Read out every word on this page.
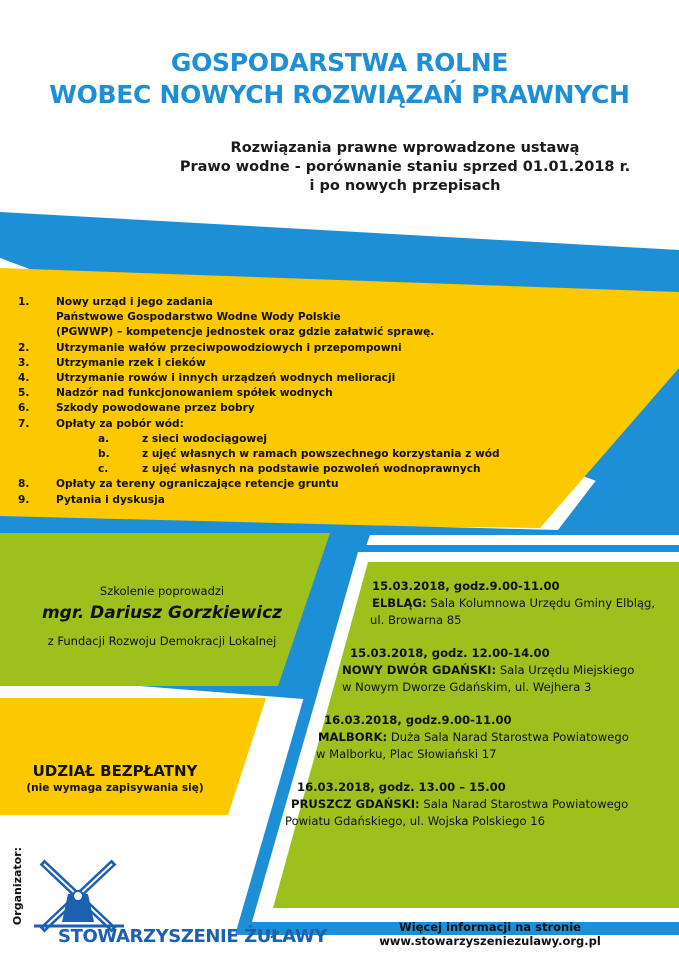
GOSPODARSTWA ROLNE
WOBEC NOWYCH ROZWIĄZAŃ PRAWNYCH
Rozwiązania prawne wprowadzone ustawą
Prawo wodne - porównanie staniu sprzed 01.01.2018 r.
i po nowych przepisach
1.	Nowy urząd i jego zadania
Państwowe Gospodarstwo Wodne Wody Polskie
(PGWWP) – kompetencje jednostek oraz gdzie załatwić sprawę.
2.	Utrzymanie wałów przeciwpowodziowych i przepompowni
3.	Utrzymanie rzek i cieków
4.	Utrzymanie rowów i innych urządzeń wodnych melioracji
5.	Nadzór nad funkcjonowaniem spółek wodnych
6.	Szkody powodowane przez bobry
7.	Opłaty za pobór wód:
a.	z sieci wodociągowej
b.	z ujęć własnych w ramach powszechnego korzystania z wód
c.	z ujęć własnych na podstawie pozwoleń wodnoprawnych
8.	Opłaty za tereny ograniczające retencje gruntu
9.	Pytania i dyskusja
Szkolenie poprowadzi
mgr. Dariusz Gorzkiewicz
z Fundacji Rozwoju Demokracji Lokalnej
UDZIAŁ BEZPŁATNY
(nie wymaga zapisywania się)
15.03.2018, godz.9.00-11.00
ELBLĄG: Sala Kolumnowa Urzędu Gminy Elbląg,
ul. Browarna 85
15.03.2018, godz. 12.00-14.00
NOWY DWÓR GDAŃSKI: Sala Urzędu Miejskiego
w Nowym Dworze Gdańskim, ul. Wejhera 3
16.03.2018, godz.9.00-11.00
MALBORK: Duża Sala Narad Starostwa Powiatowego
w Malborku, Plac Słowiański 17
16.03.2018, godz. 13.00 – 15.00
PRUSZCZ GDAŃSKI: Sala Narad Starostwa Powiatowego
Powiatu Gdańskiego, ul. Wojska Polskiego 16
Organizator:
STOWARZYSZENIE ŻUŁAWY	Więcej informacji na stronie
www.stowarzyszeniezulawy.org.pl
